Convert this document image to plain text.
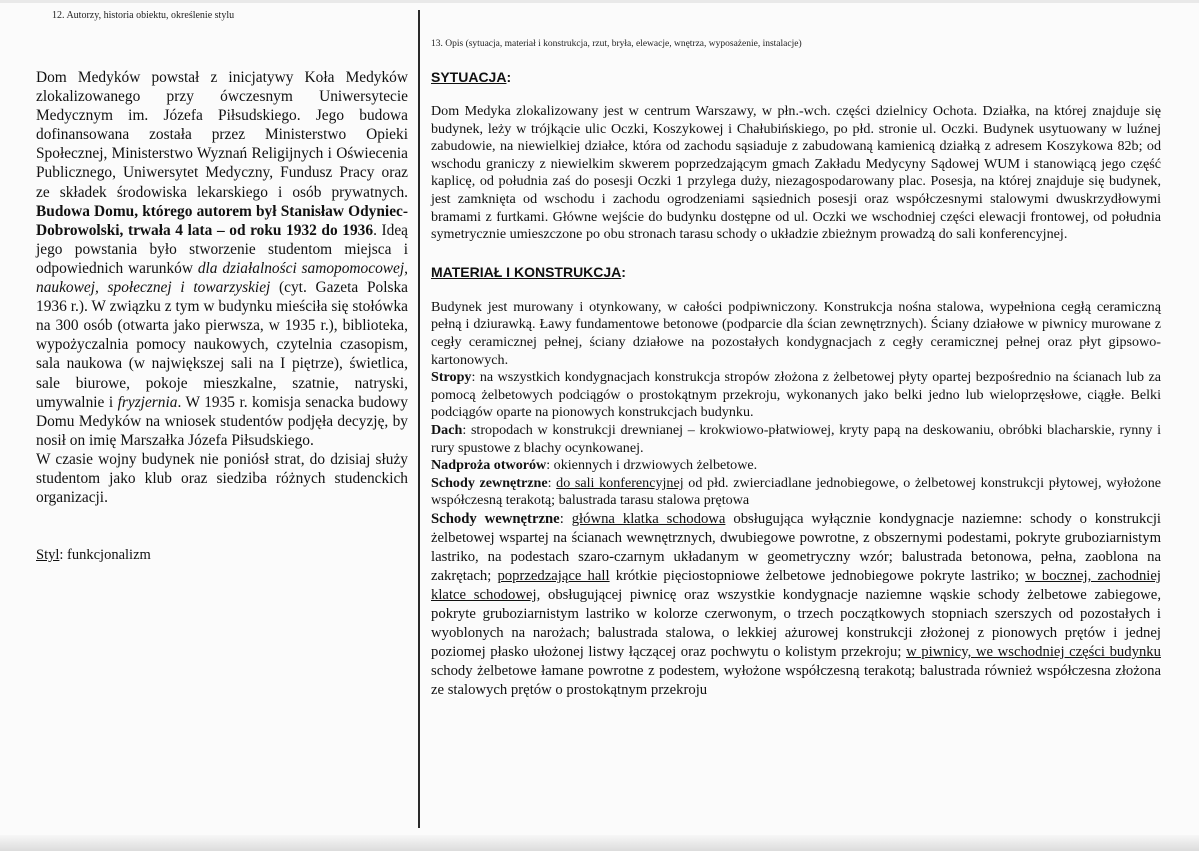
12. Autorzy, historia obiektu, określenie stylu

Dom Medyków powstał z inicjatywy Koła Medyków zlokalizowanego przy ówczesnym Uniwersytecie Medycznym im. Józefa Piłsudskiego. Jego budowa dofinansowana została przez Ministerstwo Opieki Społecznej, Ministerstwo Wyznań Religijnych i Oświecenia Publicznego, Uniwersytet Medyczny, Fundusz Pracy oraz ze składek środowiska lekarskiego i osób prywatnych. Budowa Domu, którego autorem był Stanisław Odyniec-Dobrowolski, trwała 4 lata – od roku 1932 do 1936. Ideą jego powstania było stworzenie studentom miejsca i odpowiednich warunków dla działalności samopomocowej, naukowej, społecznej i towarzyskiej (cyt. Gazeta Polska 1936 r.). W związku z tym w budynku mieściła się stołówka na 300 osób (otwarta jako pierwsza, w 1935 r.), biblioteka, wypożyczalnia pomocy naukowych, czytelnia czasopism, sala naukowa (w największej sali na I piętrze), świetlica, sale biurowe, pokoje mieszkalne, szatnie, natryski, umywalnie i fryzjernia. W 1935 r. komisja senacka budowy Domu Medyków na wniosek studentów podjęła decyzję, by nosił on imię Marszałka Józefa Piłsudskiego.

W czasie wojny budynek nie poniósł strat, do dzisiaj służy studentom jako klub oraz siedziba różnych studenckich organizacji.

Styl: funkcjonalizm
13. Opis (sytuacja, materiał i konstrukcja, rzut, bryła, elewacje, wnętrza, wyposażenie, instalacje)

SYTUACJA:

Dom Medyka zlokalizowany jest w centrum Warszawy, w płn.-wch. części dzielnicy Ochota. Działka, na której znajduje się budynek, leży w trójkącie ulic Oczki, Koszykowej i Chałubińskiego, po płd. stronie ul. Oczki. Budynek usytuowany w luźnej zabudowie, na niewielkiej działce, która od zachodu sąsiaduje z zabudowaną kamienicą działką z adresem Koszykowa 82b; od wschodu graniczy z niewielkim skwerem poprzedzającym gmach Zakładu Medycyny Sądowej WUM i stanowiącą jego część kaplicę, od południa zaś do posesji Oczki 1 przylega duży, niezagospodarowany plac. Posesja, na której znajduje się budynek, jest zamknięta od wschodu i zachodu ogrodzeniami sąsiednich posesji oraz współczesnymi stalowymi dwuskrzydłowymi bramami z furtkami. Główne wejście do budynku dostępne od ul. Oczki we wschodniej części elewacji frontowej, od południa symetrycznie umieszczone po obu stronach tarasu schody o układzie zbieżnym prowadzą do sali konferencyjnej.

MATERIAŁ I KONSTRUKCJA:

Budynek jest murowany i otynkowany, w całości podpiwniczony. Konstrukcja nośna stalowa, wypełniona cegłą ceramiczną pełną i dziurawką. Ławy fundamentowe betonowe (podparcie dla ścian zewnętrznych). Ściany działowe w piwnicy murowane z cegły ceramicznej pełnej, ściany działowe na pozostałych kondygnacjach z cegły ceramicznej pełnej oraz płyt gipsowo-kartonowych.

Stropy: na wszystkich kondygnacjach konstrukcja stropów złożona z żelbetowej płyty opartej bezpośrednio na ścianach lub za pomocą żelbetowych podciągów o prostokątnym przekroju, wykonanych jako belki jedno lub wieloprzęsłowe, ciągłe. Belki podciągów oparte na pionowych konstrukcjach budynku.

Dach: stropodach w konstrukcji drewnianej – krokwiowo-płatwiowej, kryty papą na deskowaniu, obróbki blacharskie, rynny i rury spustowe z blachy ocynkowanej.

Nadproża otworów: okiennych i drzwiowych żelbetowe.

Schody zewnętrzne: do sali konferencyjnej od płd. zwierciadlane jednobiegowe, o żelbetowej konstrukcji płytowej, wyłożone współczesną terakotą; balustrada tarasu stalowa prętowa

Schody wewnętrzne: główna klatka schodowa obsługująca wyłącznie kondygnacje naziemne: schody o konstrukcji żelbetowej wspartej na ścianach wewnętrznych, dwubiegowe powrotne, z obszernymi podestami, pokryte gruboziarnistym lastriko, na podestach szaro-czarnym układanym w geometryczny wzór; balustrada betonowa, pełna, zaoblona na zakrętach; poprzedzające hall krótkie pięciostopniowe żelbetowe jednobiegowe pokryte lastriko; w bocznej, zachodniej klatce schodowej, obsługującej piwnicę oraz wszystkie kondygnacje naziemne wąskie schody żelbetowe zabiegowe, pokryte gruboziarnistym lastriko w kolorze czerwonym, o trzech początkowych stopniach szerszych od pozostałych i wyoblonych na narożach; balustrada stalowa, o lekkiej ażurowej konstrukcji złożonej z pionowych prętów i jednej poziomej płasko ułożonej listwy łączącej oraz pochwytu o kolistym przekroju; w piwnicy, we wschodniej części budynku schody żelbetowe łamane powrotne z podestem, wyłożone współczesną terakotą; balustrada również współczesna złożona ze stalowych prętów o prostokątnym przekroju
